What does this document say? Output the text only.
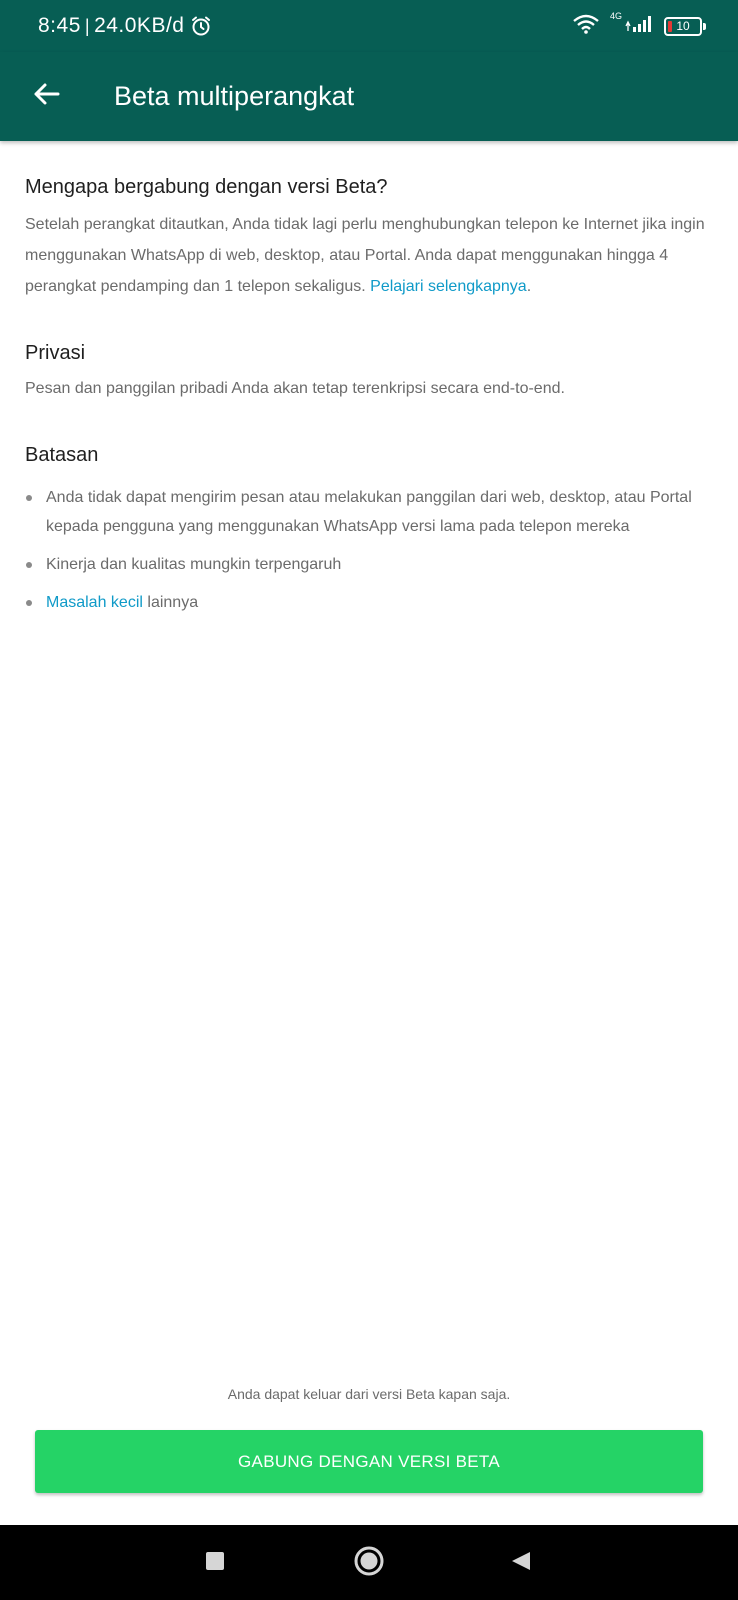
8:45 | 24.0KB/d	4G
10
Beta multiperangkat
Mengapa bergabung dengan versi Beta?
Setelah perangkat ditautkan, Anda tidak lagi perlu menghubungkan telepon ke Internet jika ingin menggunakan WhatsApp di web, desktop, atau Portal. Anda dapat menggunakan hingga 4 perangkat pendamping dan 1 telepon sekaligus. Pelajari selengkapnya.
Privasi
Pesan dan panggilan pribadi Anda akan tetap terenkripsi secara end-to-end.
Batasan
Anda tidak dapat mengirim pesan atau melakukan panggilan dari web, desktop, atau Portal kepada pengguna yang menggunakan WhatsApp versi lama pada telepon mereka
Kinerja dan kualitas mungkin terpengaruh
Masalah kecil lainnya
Anda dapat keluar dari versi Beta kapan saja.
GABUNG DENGAN VERSI BETA
